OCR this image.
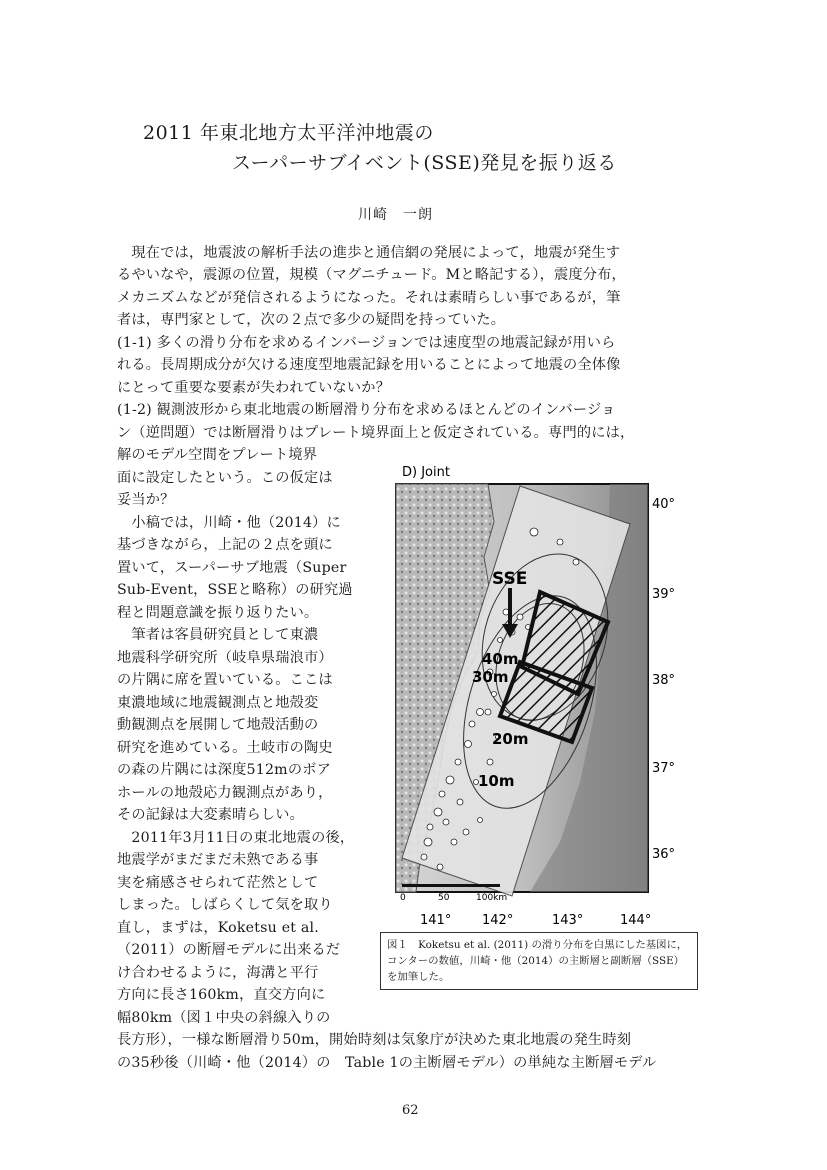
2011 年東北地方太平洋沖地震の
スーパーサブイベント(SSE)発見を振り返る
川崎　一朗
　現在では，地震波の解析手法の進歩と通信網の発展によって，地震が発生す
るやいなや，震源の位置，規模（マグニチュード。Mと略記する），震度分布，
メカニズムなどが発信されるようになった。それは素晴らしい事であるが，筆
者は，専門家として，次の２点で多少の疑問を持っていた。
(1-1) 多くの滑り分布を求めるインバージョンでは速度型の地震記録が用いら
れる。長周期成分が欠ける速度型地震記録を用いることによって地震の全体像
にとって重要な要素が失われていないか？
(1-2) 観測波形から東北地震の断層滑り分布を求めるほとんどのインバージョ
ン（逆問題）では断層滑りはプレート境界面上と仮定されている。専門的には，
解のモデル空間をプレート境界
面に設定したという。この仮定は
妥当か？
　小稿では，川崎・他（2014）に
基づきながら，上記の２点を頭に
置いて，スーパーサブ地震（Super
Sub-Event，SSEと略称）の研究過
程と問題意識を振り返りたい。
　筆者は客員研究員として東濃
地震科学研究所（岐阜県瑞浪市）
の片隅に席を置いている。ここは
東濃地域に地震観測点と地殻変
動観測点を展開して地殻活動の
研究を進めている。土岐市の陶史
の森の片隅には深度512mのボア
ホールの地殻応力観測点があり，
その記録は大変素晴らしい。
　2011年3月11日の東北地震の後，
地震学がまだまだ未熟である事
実を痛感させられて茫然として
しまった。しばらくして気を取り
直し，まずは，Koketsu et al.
（2011）の断層モデルに出来るだ
け合わせるように，海溝と平行
方向に長さ160km，直交方向に
幅80km（図１中央の斜線入りの
長方形），一様な断層滑り50m，開始時刻は気象庁が決めた東北地震の発生時刻
の35秒後（川崎・他（2014）の　Table 1の主断層モデル）の単純な主断層モデル
D) Joint
SSE
40m
30m
20m
10m
40°
39°
38°
37°
36°
0	50	100km
141° 142°	143°	144°
図１　Koketsu et al. (2011) の滑り分布を白黒にした基図に，
コンターの数値，川崎・他（2014）の主断層と副断層（SSE）
を加筆した。
62
